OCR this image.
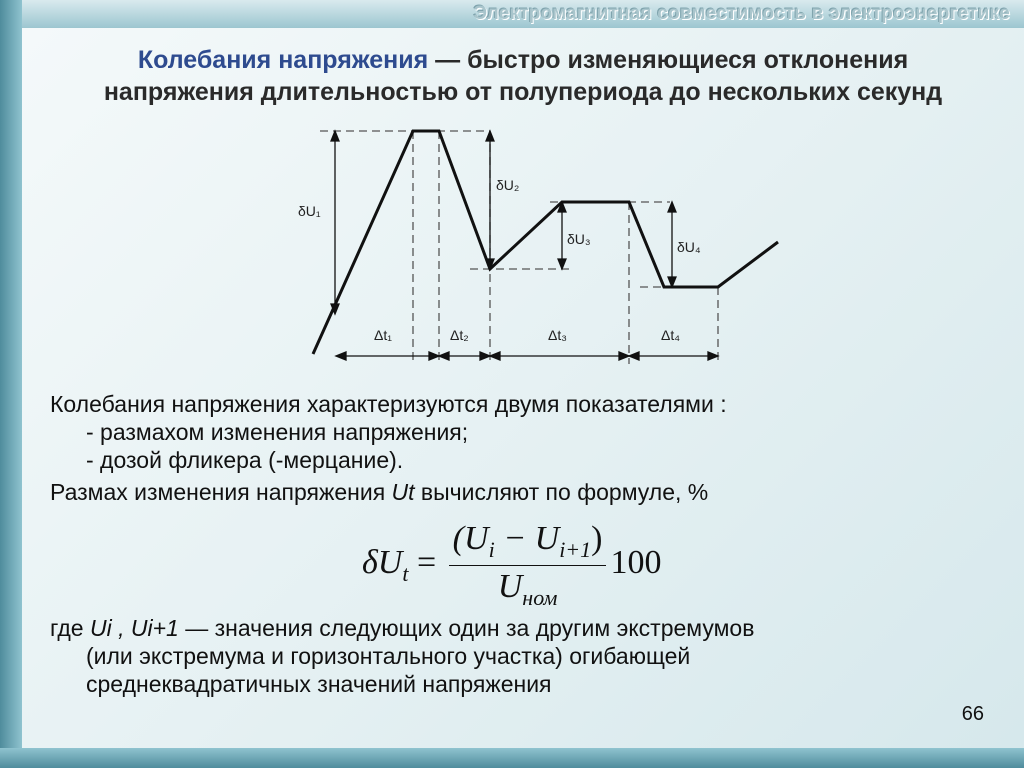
Электромагнитная совместимость в электроэнергетике
Колебания напряжения — быстро изменяющиеся отклонения
напряжения длительностью от полупериода до нескольких секунд
δU₁
δU₂
δU₃	δU₄
Δt₁	Δt₂	Δt₃	Δt₄
Колебания напряжения характеризуются двумя показателями :
- размахом изменения напряжения;
- дозой фликера (-мерцание).
Размах изменения напряжения Ut вычисляют по формуле, %
$\delta U_t = \frac{(U_i - U_{i+1})}{U_{ном}} 100$
где Ui , Ui+1 — значения следующих один за другим экстремумов
(или экстремума и горизонтального участка) огибающей
среднеквадратичных значений напряжения
66
